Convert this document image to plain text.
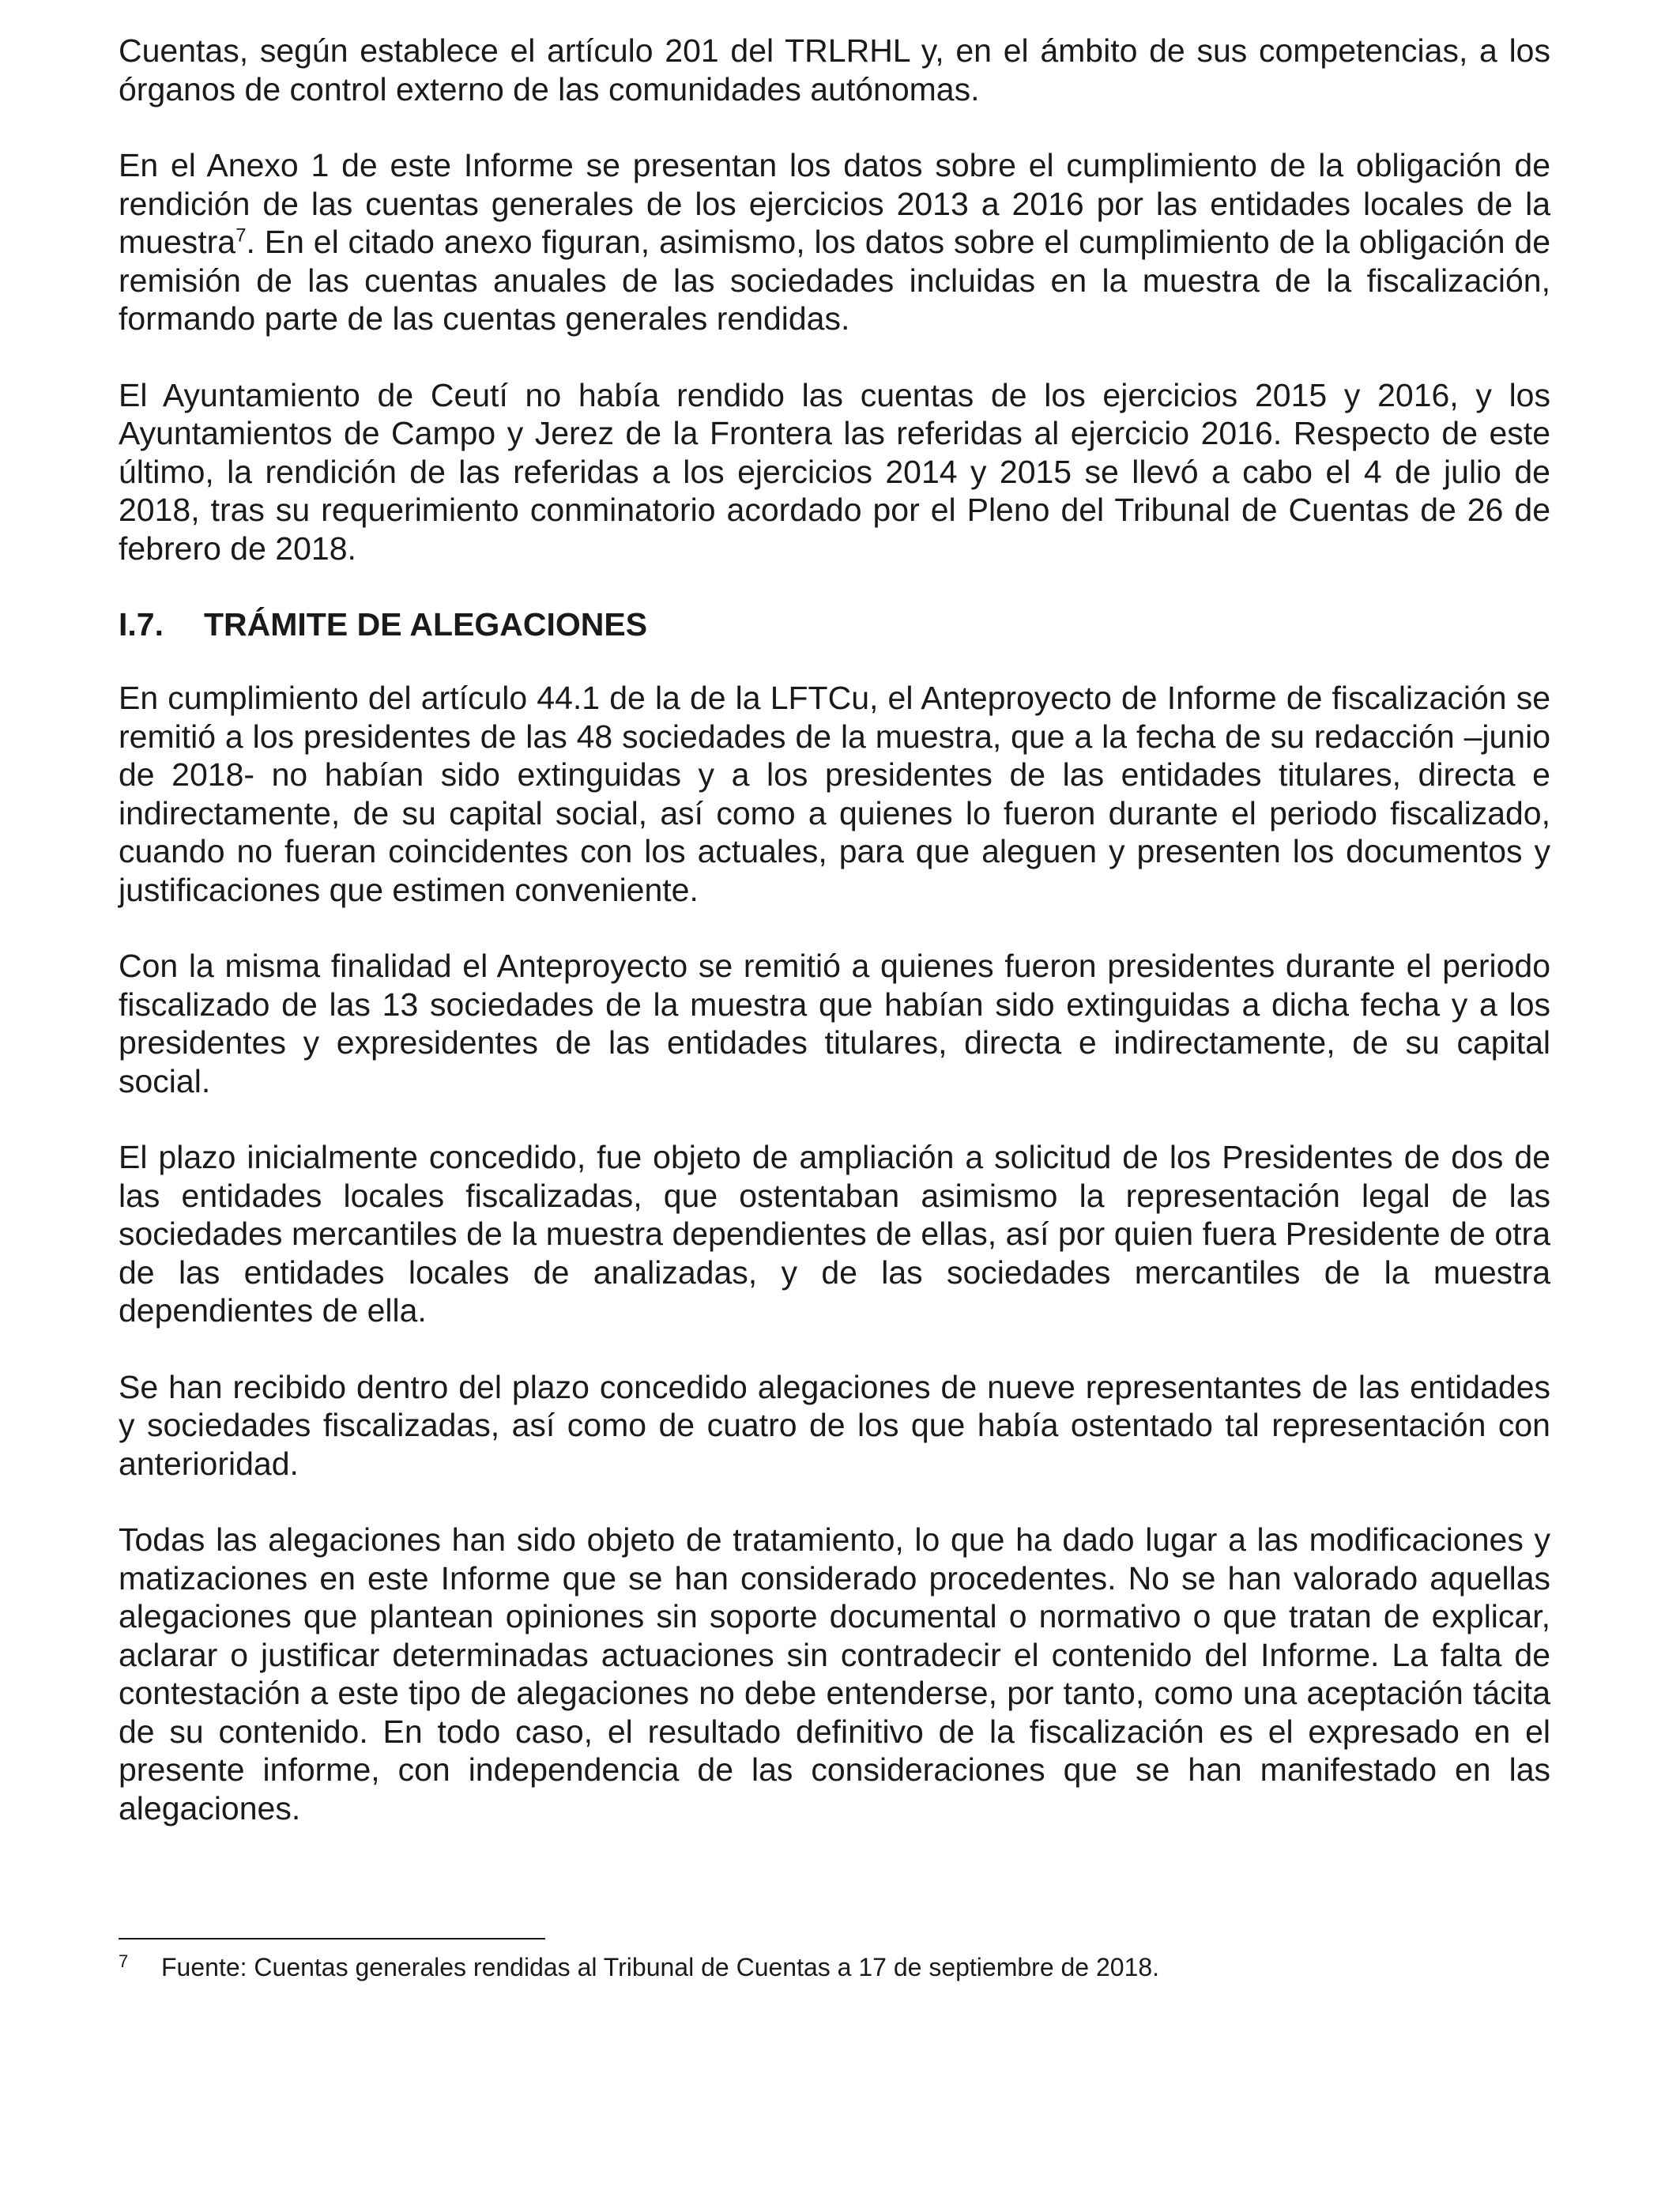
Cuentas, según establece el artículo 201 del TRLRHL y, en el ámbito de sus competencias, a los órganos de control externo de las comunidades autónomas.

En el Anexo 1 de este Informe se presentan los datos sobre el cumplimiento de la obligación de rendición de las cuentas generales de los ejercicios 2013 a 2016 por las entidades locales de la muestra$^7$. En el citado anexo figuran, asimismo, los datos sobre el cumplimiento de la obligación de remisión de las cuentas anuales de las sociedades incluidas en la muestra de la fiscalización, formando parte de las cuentas generales rendidas.

El Ayuntamiento de Ceutí no había rendido las cuentas de los ejercicios 2015 y 2016, y los Ayuntamientos de Campo y Jerez de la Frontera las referidas al ejercicio 2016. Respecto de este último, la rendición de las referidas a los ejercicios 2014 y 2015 se llevó a cabo el 4 de julio de 2018, tras su requerimiento conminatorio acordado por el Pleno del Tribunal de Cuentas de 26 de febrero de 2018.

I.7.	TRÁMITE DE ALEGACIONES

En cumplimiento del artículo 44.1 de la de la LFTCu, el Anteproyecto de Informe de fiscalización se remitió a los presidentes de las 48 sociedades de la muestra, que a la fecha de su redacción –junio de 2018- no habían sido extinguidas y a los presidentes de las entidades titulares, directa e indirectamente, de su capital social, así como a quienes lo fueron durante el periodo fiscalizado, cuando no fueran coincidentes con los actuales, para que aleguen y presenten los documentos y justificaciones que estimen conveniente.

Con la misma finalidad el Anteproyecto se remitió a quienes fueron presidentes durante el periodo fiscalizado de las 13 sociedades de la muestra que habían sido extinguidas a dicha fecha y a los presidentes y expresidentes de las entidades titulares, directa e indirectamente, de su capital social.

El plazo inicialmente concedido, fue objeto de ampliación a solicitud de los Presidentes de dos de las entidades locales fiscalizadas, que ostentaban asimismo la representación legal de las sociedades mercantiles de la muestra dependientes de ellas, así por quien fuera Presidente de otra de las entidades locales de analizadas, y de las sociedades mercantiles de la muestra dependientes de ella.

Se han recibido dentro del plazo concedido alegaciones de nueve representantes de las entidades y sociedades fiscalizadas, así como de cuatro de los que había ostentado tal representación con anterioridad.

Todas las alegaciones han sido objeto de tratamiento, lo que ha dado lugar a las modificaciones y matizaciones en este Informe que se han considerado procedentes. No se han valorado aquellas alegaciones que plantean opiniones sin soporte documental o normativo o que tratan de explicar, aclarar o justificar determinadas actuaciones sin contradecir el contenido del Informe. La falta de contestación a este tipo de alegaciones no debe entenderse, por tanto, como una aceptación tácita de su contenido. En todo caso, el resultado definitivo de la fiscalización es el expresado en el presente informe, con independencia de las consideraciones que se han manifestado en las alegaciones.

7	Fuente: Cuentas generales rendidas al Tribunal de Cuentas a 17 de septiembre de 2018.
